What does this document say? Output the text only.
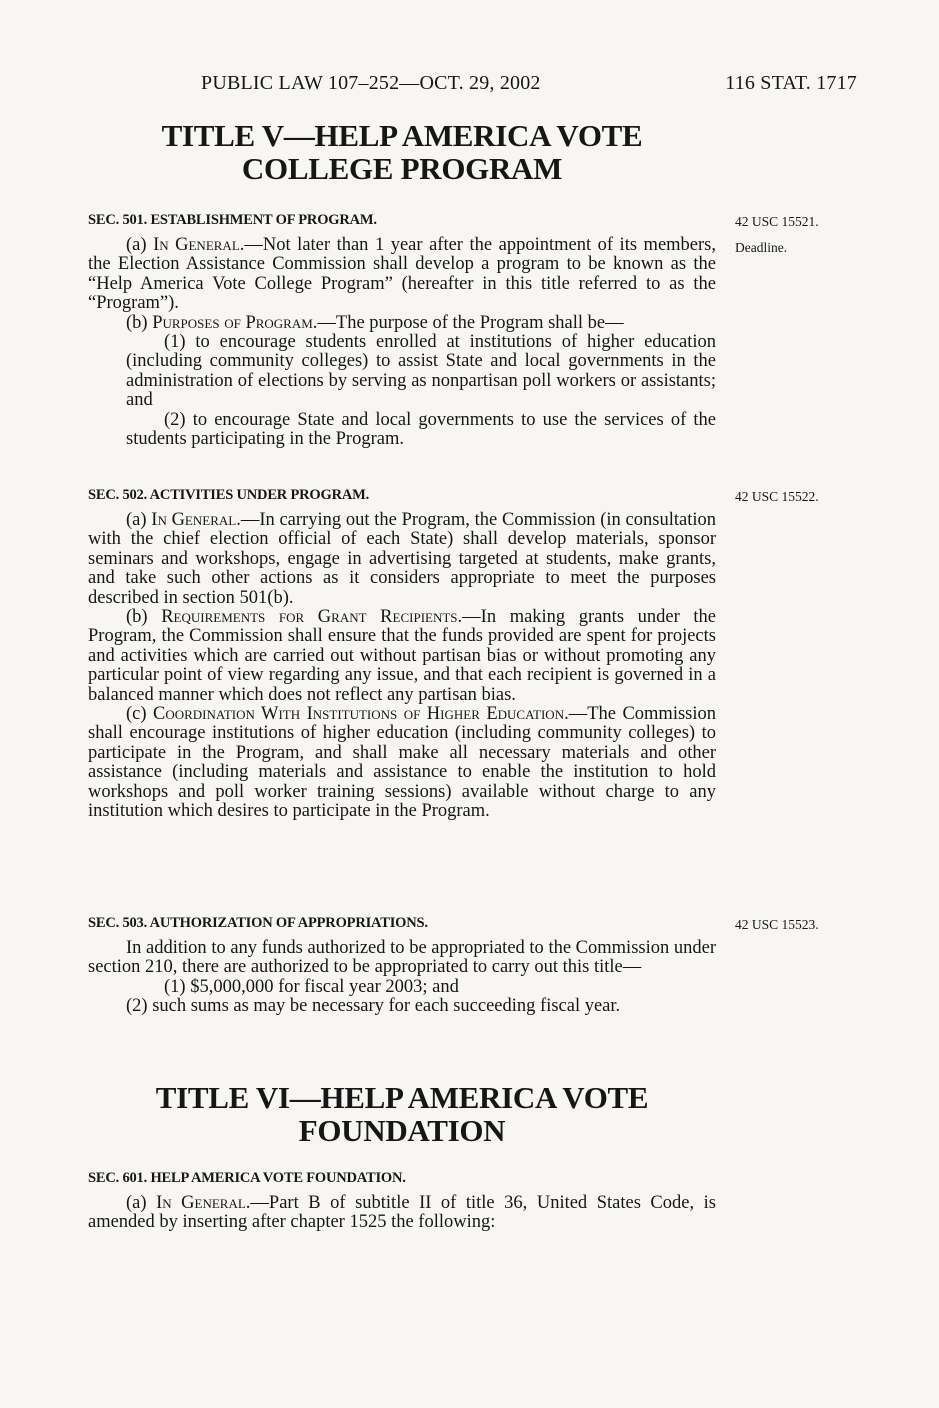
PUBLIC LAW 107–252—OCT. 29, 2002	116 STAT. 1717
TITLE V—HELP AMERICA VOTE
COLLEGE PROGRAM
42 USC 15521.
Deadline.
SEC. 501. ESTABLISHMENT OF PROGRAM.

(a) In General.—Not later than 1 year after the appointment of its members, the Election Assistance Commission shall develop a program to be known as the “Help America Vote College Program” (hereafter in this title referred to as the “Program”).

(b) Purposes of Program.—The purpose of the Program shall be—

(1) to encourage students enrolled at institutions of higher education (including community colleges) to assist State and local governments in the administration of elections by serving as nonpartisan poll workers or assistants; and

(2) to encourage State and local governments to use the services of the students participating in the Program.

42 USC 15522.
SEC. 502. ACTIVITIES UNDER PROGRAM.

(a) In General.—In carrying out the Program, the Commission (in consultation with the chief election official of each State) shall develop materials, sponsor seminars and workshops, engage in advertising targeted at students, make grants, and take such other actions as it considers appropriate to meet the purposes described in section 501(b).

(b) Requirements for Grant Recipients.—In making grants under the Program, the Commission shall ensure that the funds provided are spent for projects and activities which are carried out without partisan bias or without promoting any particular point of view regarding any issue, and that each recipient is governed in a balanced manner which does not reflect any partisan bias.

(c) Coordination With Institutions of Higher Education.—The Commission shall encourage institutions of higher education (including community colleges) to participate in the Program, and shall make all necessary materials and other assistance (including materials and assistance to enable the institution to hold workshops and poll worker training sessions) available without charge to any institution which desires to participate in the Program.

42 USC 15523.
SEC. 503. AUTHORIZATION OF APPROPRIATIONS.

In addition to any funds authorized to be appropriated to the Commission under section 210, there are authorized to be appropriated to carry out this title—

(1) $5,000,000 for fiscal year 2003; and

(2) such sums as may be necessary for each succeeding fiscal year.

TITLE VI—HELP AMERICA VOTE
FOUNDATION
SEC. 601. HELP AMERICA VOTE FOUNDATION.

(a) In General.—Part B of subtitle II of title 36, United States Code, is amended by inserting after chapter 1525 the following:
